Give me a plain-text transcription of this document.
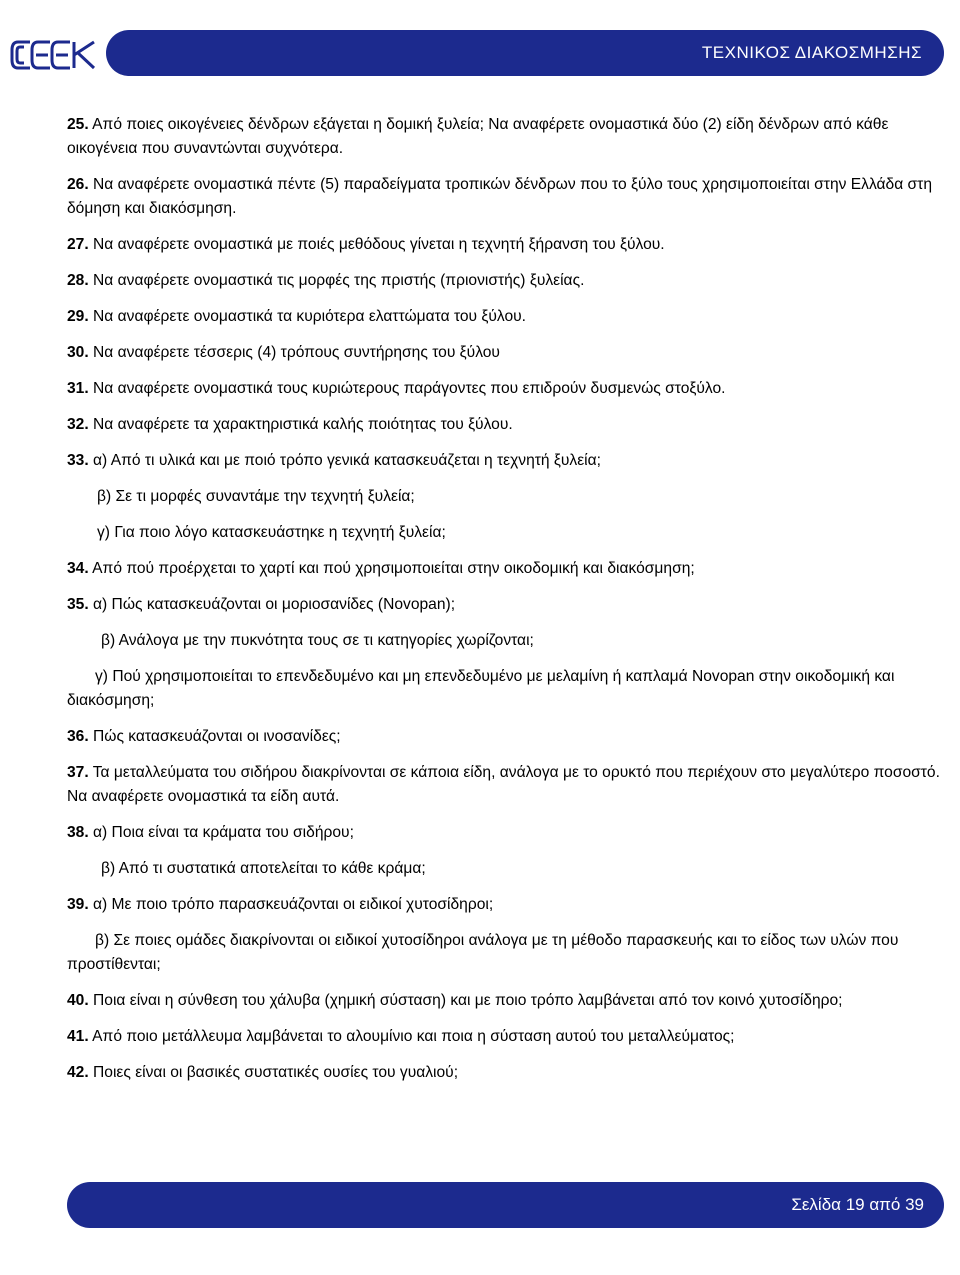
ΤΕΧΝΙΚΟΣ ΔΙΑΚΟΣΜΗΣΗΣ

25. Από ποιες οικογένειες δένδρων εξάγεται η δομική ξυλεία; Να αναφέρετε ονομαστικά δύο (2) είδη δένδρων από κάθε οικογένεια που συναντώνται συχνότερα.

26. Να αναφέρετε ονομαστικά πέντε (5) παραδείγματα τροπικών δένδρων που το ξύλο τους χρησιμοποιείται στην Ελλάδα στη δόμηση και διακόσμηση.

27. Να αναφέρετε ονομαστικά με ποιές μεθόδους γίνεται η τεχνητή ξήρανση του ξύλου.

28. Να αναφέρετε ονομαστικά τις μορφές της πριστής (πριονιστής) ξυλείας.

29. Να αναφέρετε ονομαστικά τα κυριότερα ελαττώματα του ξύλου.

30. Να αναφέρετε τέσσερις (4) τρόπους συντήρησης του ξύλου

31. Να αναφέρετε ονομαστικά τους κυριώτερους παράγοντες που επιδρούν δυσμενώς στοξύλο.

32. Να αναφέρετε τα χαρακτηριστικά καλής ποιότητας του ξύλου.

33. α) Από τι υλικά και με ποιό τρόπο γενικά κατασκευάζεται η τεχνητή ξυλεία;

β) Σε τι μορφές συναντάμε την τεχνητή ξυλεία;

γ) Για ποιο λόγο κατασκευάστηκε η τεχνητή ξυλεία;

34. Από πού προέρχεται το χαρτί και πού χρησιμοποιείται στην οικοδομική και διακόσμηση;

35. α) Πώς κατασκευάζονται οι μοριοσανίδες (Novopan);

β) Ανάλογα με την πυκνότητα τους σε τι κατηγορίες χωρίζονται;

γ) Πού χρησιμοποιείται το επενδεδυμένο και μη επενδεδυμένο με μελαμίνη ή καπλαμά Novopan στην οικοδομική και διακόσμηση;

36. Πώς κατασκευάζονται οι ινοσανίδες;

37. Τα μεταλλεύματα του σιδήρου διακρίνονται σε κάποια είδη, ανάλογα με το ορυκτό που περιέχουν στο μεγαλύτερο ποσοστό. Να αναφέρετε ονομαστικά τα είδη αυτά.

38. α) Ποια είναι τα κράματα του σιδήρου;

β) Από τι συστατικά αποτελείται το κάθε κράμα;

39. α) Με ποιο τρόπο παρασκευάζονται οι ειδικοί χυτοσίδηροι;

β) Σε ποιες ομάδες διακρίνονται οι ειδικοί χυτοσίδηροι ανάλογα με τη μέθοδο παρασκευής και το είδος των υλών που προστίθενται;

40. Ποια είναι η σύνθεση του χάλυβα (χημική σύσταση) και με ποιο τρόπο λαμβάνεται από τον κοινό χυτοσίδηρο;

41. Από ποιο μετάλλευμα λαμβάνεται το αλουμίνιο και ποια η σύσταση αυτού του μεταλλεύματος;

42. Ποιες είναι οι βασικές συστατικές ουσίες του γυαλιού;

Σελίδα 19 από 39
